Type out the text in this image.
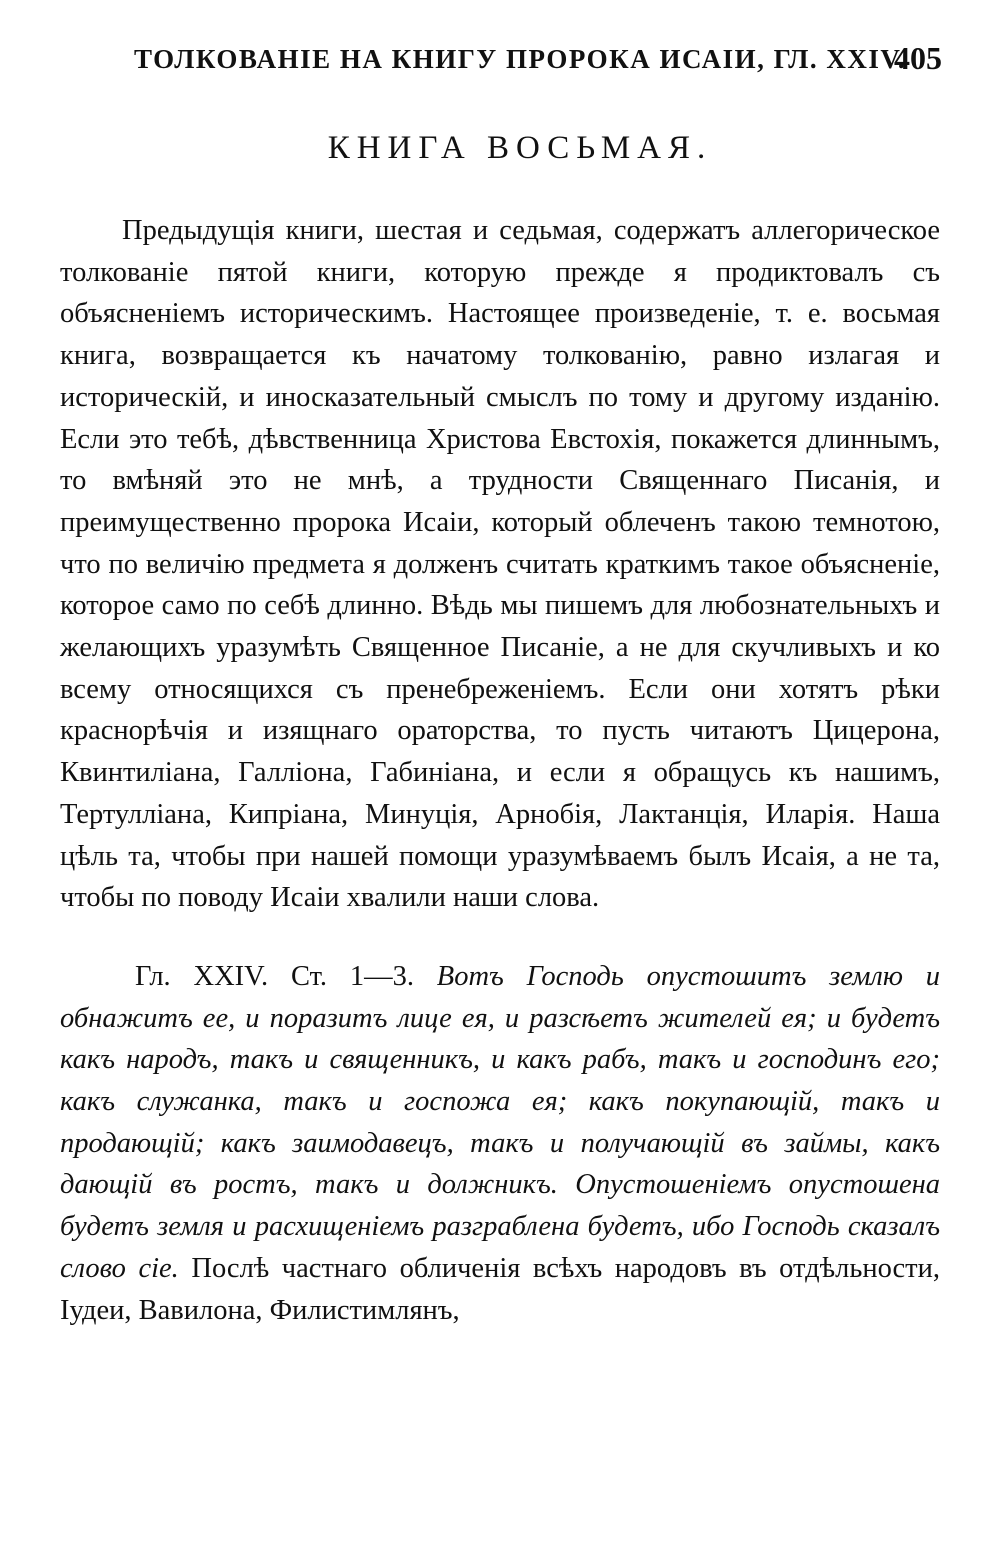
ТОЛКОВАНІЕ НА КНИГУ ПРОРОКА ИСАІИ, ГЛ. XXIV.
405
КНИГА ВОСЬМАЯ.

Предыдущія книги, шестая и седьмая, содержатъ аллегорическое толкованіе пятой книги, которую прежде я продиктовалъ съ объясненіемъ историческимъ. Настоящее произведеніе, т. е. восьмая книга, возвращается къ начатому толкованію, равно излагая и историческій, и иносказательный смыслъ по тому и другому изданію. Если это тебѣ, дѣвственница Христова Евстохія, покажется длиннымъ, то вмѣняй это не мнѣ, а трудности Священнаго Писанія, и преимущественно пророка Исаіи, который облеченъ такою темнотою, что по величію предмета я долженъ считать краткимъ такое объясненіе, которое само по себѣ длинно. Вѣдь мы пишемъ для любознательныхъ и желающихъ уразумѣть Священное Писаніе, а не для скучливыхъ и ко всему относящихся съ пренебреженіемъ. Если они хотятъ рѣки краснорѣчія и изящнаго ораторства, то пусть читаютъ Цицерона, Квинтиліана, Галліона, Габиніана, и если я обращусь къ нашимъ, Тертулліана, Кипріана, Минуція, Арнобія, Лактанція, Иларія. Наша цѣль та, чтобы при нашей помощи уразумѣваемъ былъ Исаія, а не та, чтобы по поводу Исаіи хвалили наши слова.

Гл. XXIV. Ст. 1—3. Вотъ Господь опустошитъ землю и обнажитъ ее, и поразитъ лице ея, и разсѣетъ жителей ея; и будетъ какъ народъ, такъ и священникъ, и какъ рабъ, такъ и господинъ его; какъ служанка, такъ и госпожа ея; какъ покупающій, такъ и продающій; какъ заимодавецъ, такъ и получающій въ займы, какъ дающій въ ростъ, такъ и должникъ. Опустошеніемъ опустошена будетъ земля и расхищеніемъ разграблена будетъ, ибо Господь сказалъ слово сіе. Послѣ частнаго обличенія всѣхъ народовъ въ отдѣльности, Іудеи, Вавилона, Филистимлянъ,
